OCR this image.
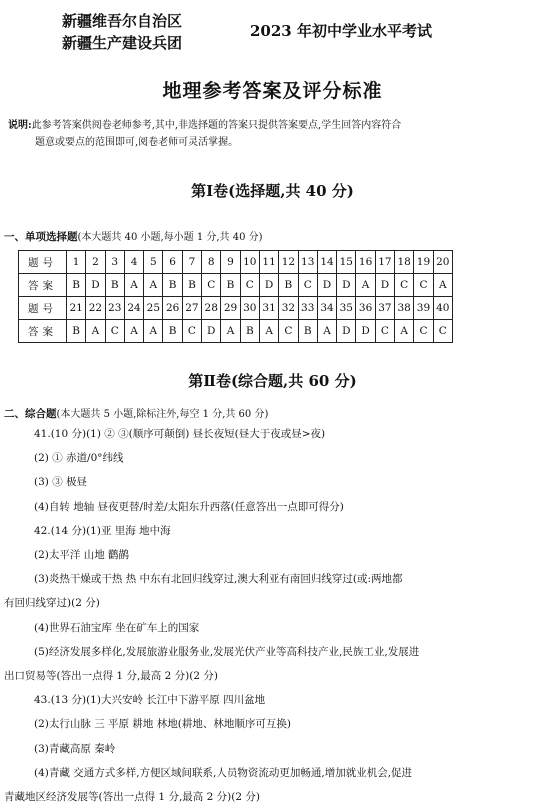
新疆维吾尔自治区
新疆生产建设兵团
2023 年初中学业水平考试
地理参考答案及评分标准
说明:此参考答案供阅卷老师参考,其中,非选择题的答案只提供答案要点,学生回答内容符合
题意或要点的范围即可,阅卷老师可灵活掌握。
第Ⅰ卷(选择题,共 40 分)
一、单项选择题(本大题共 40 小题,每小题 1 分,共 40 分)
题号	1	2	3	4	5	6	7	8	9	10	11	12	13	14	15	16	17	18	19	20
答案	B	D	B	A	A	B	B	C	B	C	D	B	C	D	D	A	D	C	C	A
题号	21	22	23	24	25	26	27	28	29	30	31	32	33	34	35	36	37	38	39	40
答案	B	A	C	A	A	B	C	D	A	B	A	C	B	A	D	D	C	A	C	C
第Ⅱ卷(综合题,共 60 分)
二、综合题(本大题共 5 小题,除标注外,每空 1 分,共 60 分)
41.(10 分)(1) ② ③(顺序可颠倒) 昼长夜短(昼大于夜或昼>夜)
(2) ① 赤道/0°纬线
(3) ③ 极昼
(4)自转 地轴 昼夜更替/时差/太阳东升西落(任意答出一点即可得分)
42.(14 分)(1)亚 里海 地中海
(2)太平洋 山地 鹳鹋
(3)炎热干燥或干热 热 中东有北回归线穿过,澳大利亚有南回归线穿过(或:两地都
有回归线穿过)(2 分)
(4)世界石油宝库 坐在矿车上的国家
(5)经济发展多样化,发展旅游业服务业,发展光伏产业等高科技产业,民族工业,发展进
出口贸易等(答出一点得 1 分,最高 2 分)(2 分)
43.(13 分)(1)大兴安岭 长江中下游平原 四川盆地
(2)太行山脉 三 平原 耕地 林地(耕地、林地顺序可互换)
(3)青藏高原 秦岭
(4)青藏 交通方式多样,方便区域间联系,人员物资流动更加畅通,增加就业机会,促进
青藏地区经济发展等(答出一点得 1 分,最高 2 分)(2 分)
